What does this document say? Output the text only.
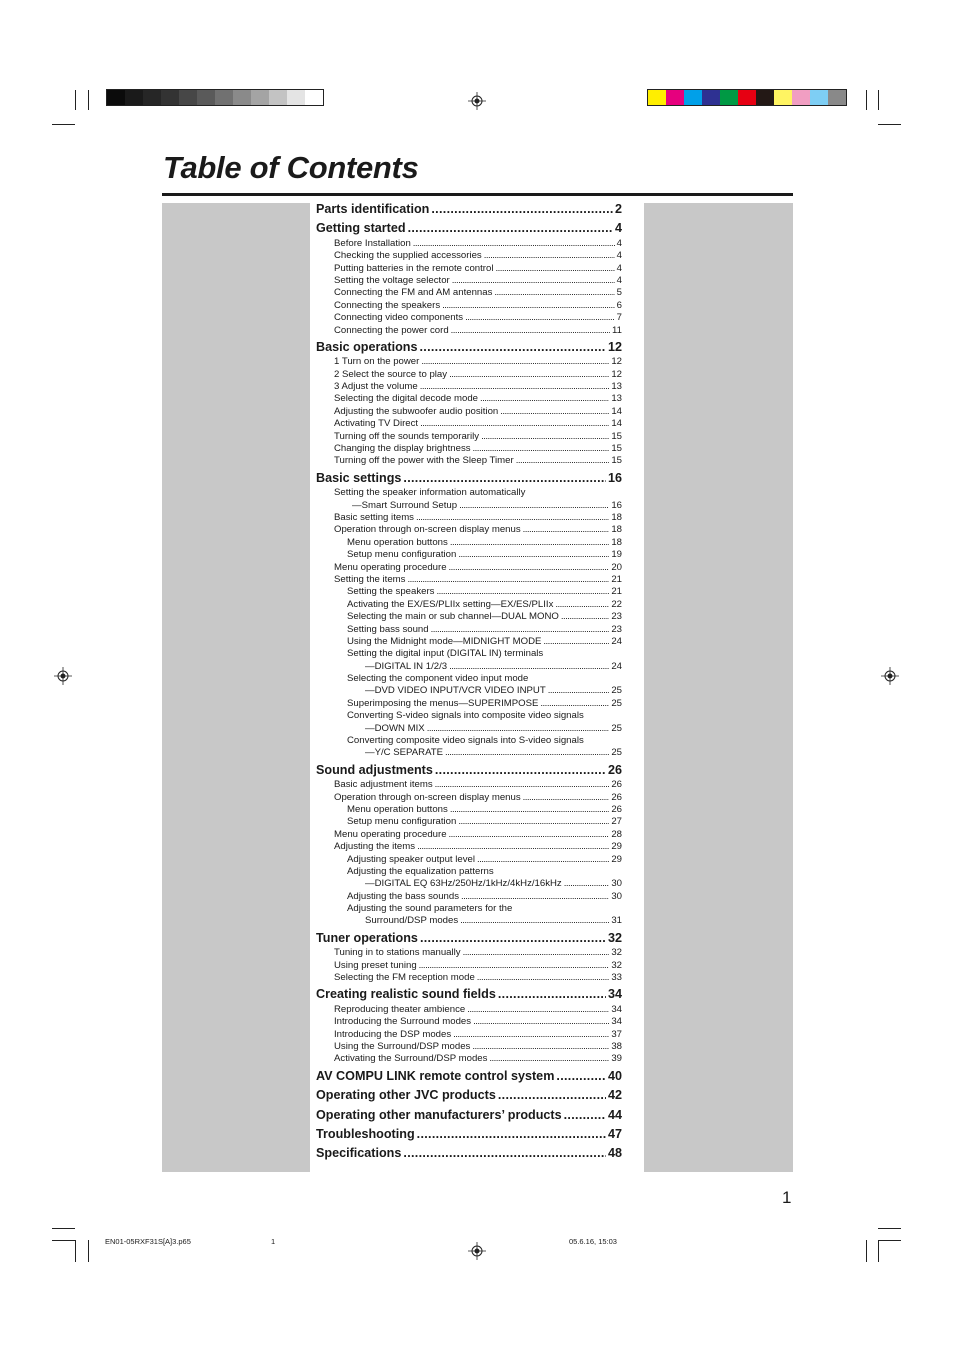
Table of Contents
Parts identification . . .	2
Getting started . . .	4
Before Installation . . .	4
Checking the supplied accessories . . .	4
Putting batteries in the remote control . . .	4
Setting the voltage selector . . .	4
Connecting the FM and AM antennas . . .	5
Connecting the speakers . . .	6
Connecting video components . . .	7
Connecting the power cord . . .	11
Basic operations . . .	12
1 Turn on the power . . .	12
2 Select the source to play . . .	12
3 Adjust the volume . . .	13
Selecting the digital decode mode . . .	13
Adjusting the subwoofer audio position . . .	14
Activating TV Direct . . .	14
Turning off the sounds temporarily . . .	15
Changing the display brightness . . .	15
Turning off the power with the Sleep Timer . . .	15
Basic settings . . .	16
Setting the speaker information automatically
—Smart Surround Setup . . .	16
Basic setting items . . .	18
Operation through on-screen display menus . . .	18
Menu operation buttons . . .	18
Setup menu configuration . . .	19
Menu operating procedure . . .	20
Setting the items . . .	21
Setting the speakers . . .	21
Activating the EX/ES/PLIIx setting—EX/ES/PLIIx . . .	22
Selecting the main or sub channel—DUAL MONO . . .	23
Setting bass sound . . .	23
Using the Midnight mode—MIDNIGHT MODE . . .	24
Setting the digital input (DIGITAL IN) terminals
—DIGITAL IN 1/2/3 . . .	24
Selecting the component video input mode
—DVD VIDEO INPUT/VCR VIDEO INPUT . . .	25
Superimposing the menus—SUPERIMPOSE . . .	25
Converting S-video signals into composite video signals
—DOWN MIX . . .	25
Converting composite video signals into S-video signals
—Y/C SEPARATE . . .	25
Sound adjustments . . .	26
Basic adjustment items . . .	26
Operation through on-screen display menus . . .	26
Menu operation buttons . . .	26
Setup menu configuration . . .	27
Menu operating procedure . . .	28
Adjusting the items . . .	29
Adjusting speaker output level . . .	29
Adjusting the equalization patterns
—DIGITAL EQ 63Hz/250Hz/1kHz/4kHz/16kHz . . .	30
Adjusting the bass sounds . . .	30
Adjusting the sound parameters for the
Surround/DSP modes . . .	31
Tuner operations . . .	32
Tuning in to stations manually . . .	32
Using preset tuning . . .	32
Selecting the FM reception mode . . .	33
Creating realistic sound fields . . .	34
Reproducing theater ambience . . .	34
Introducing the Surround modes . . .	34
Introducing the DSP modes . . .	37
Using the Surround/DSP modes . . .	38
Activating the Surround/DSP modes . . .	39
AV COMPU LINK remote control system . . .	40
Operating other JVC products . . .	42
Operating other manufacturers’ products . . .	44
Troubleshooting . . .	47
Specifications . . .	48
1
EN01-05RXF31S[A]3.p65	1	05.6.16, 15:03
